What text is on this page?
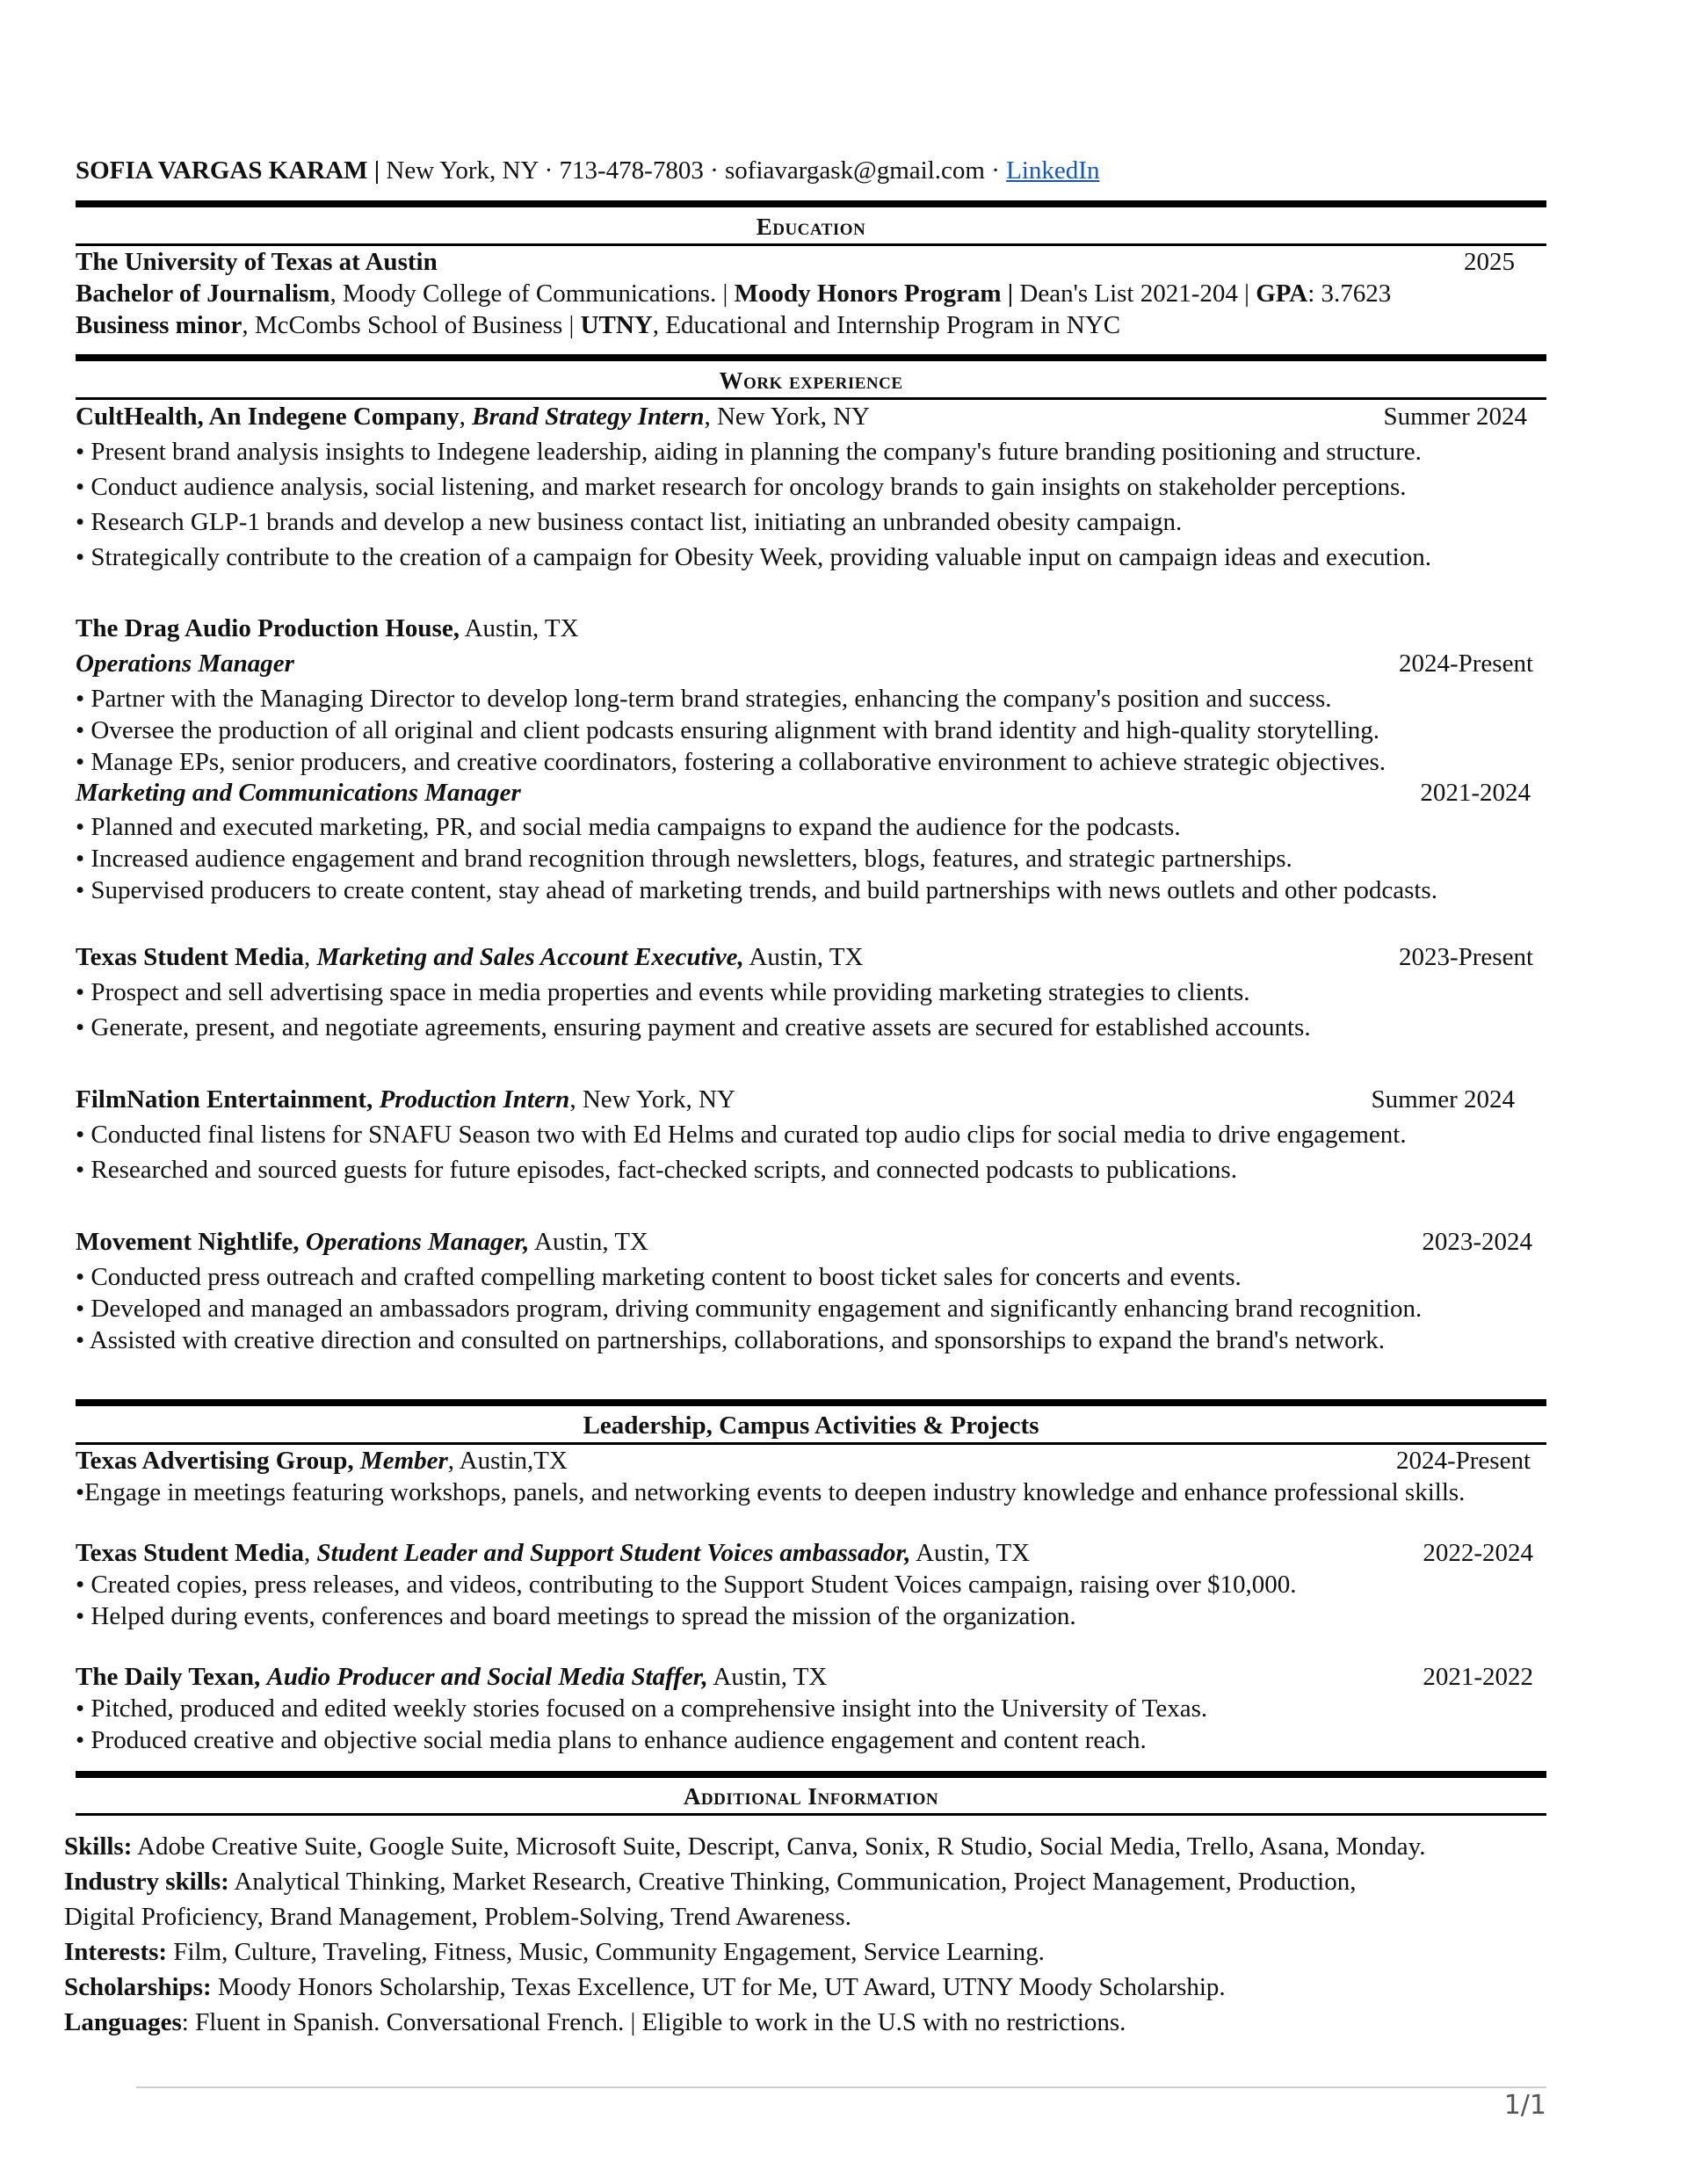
SOFIA VARGAS KARAM | New York, NY · 713-478-7803 · sofiavargask@gmail.com · LinkedIn
Education
The University of Texas at Austin	2025
Bachelor of Journalism, Moody College of Communications. | Moody Honors Program | Dean's List 2021-204 | GPA: 3.7623
Business minor, McCombs School of Business | UTNY, Educational and Internship Program in NYC
Work experience
CultHealth, An Indegene Company, Brand Strategy Intern, New York, NY	Summer 2024
• Present brand analysis insights to Indegene leadership, aiding in planning the company's future branding positioning and structure.
• Conduct audience analysis, social listening, and market research for oncology brands to gain insights on stakeholder perceptions.
• Research GLP-1 brands and develop a new business contact list, initiating an unbranded obesity campaign.
• Strategically contribute to the creation of a campaign for Obesity Week, providing valuable input on campaign ideas and execution.
The Drag Audio Production House, Austin, TX
Operations Manager	2024-Present
• Partner with the Managing Director to develop long-term brand strategies, enhancing the company's position and success.
• Oversee the production of all original and client podcasts ensuring alignment with brand identity and high-quality storytelling.
• Manage EPs, senior producers, and creative coordinators, fostering a collaborative environment to achieve strategic objectives.
Marketing and Communications Manager	2021-2024
• Planned and executed marketing, PR, and social media campaigns to expand the audience for the podcasts.
• Increased audience engagement and brand recognition through newsletters, blogs, features, and strategic partnerships.
• Supervised producers to create content, stay ahead of marketing trends, and build partnerships with news outlets and other podcasts.
Texas Student Media, Marketing and Sales Account Executive, Austin, TX	2023-Present
• Prospect and sell advertising space in media properties and events while providing marketing strategies to clients.
• Generate, present, and negotiate agreements, ensuring payment and creative assets are secured for established accounts.
FilmNation Entertainment, Production Intern, New York, NY	Summer 2024
• Conducted final listens for SNAFU Season two with Ed Helms and curated top audio clips for social media to drive engagement.
• Researched and sourced guests for future episodes, fact-checked scripts, and connected podcasts to publications.
Movement Nightlife, Operations Manager, Austin, TX	2023-2024
• Conducted press outreach and crafted compelling marketing content to boost ticket sales for concerts and events.
• Developed and managed an ambassadors program, driving community engagement and significantly enhancing brand recognition.
• Assisted with creative direction and consulted on partnerships, collaborations, and sponsorships to expand the brand's network.
Leadership, Campus Activities & Projects
Texas Advertising Group, Member, Austin,TX	2024-Present
•Engage in meetings featuring workshops, panels, and networking events to deepen industry knowledge and enhance professional skills.
Texas Student Media, Student Leader and Support Student Voices ambassador, Austin, TX	2022-2024
• Created copies, press releases, and videos, contributing to the Support Student Voices campaign, raising over $10,000.
• Helped during events, conferences and board meetings to spread the mission of the organization.
The Daily Texan, Audio Producer and Social Media Staffer, Austin, TX	2021-2022
• Pitched, produced and edited weekly stories focused on a comprehensive insight into the University of Texas.
• Produced creative and objective social media plans to enhance audience engagement and content reach.
Additional Information
Skills: Adobe Creative Suite, Google Suite, Microsoft Suite, Descript, Canva, Sonix, R Studio, Social Media, Trello, Asana, Monday.
Industry skills: Analytical Thinking, Market Research, Creative Thinking, Communication, Project Management, Production,
Digital Proficiency, Brand Management, Problem-Solving, Trend Awareness.
Interests: Film, Culture, Traveling, Fitness, Music, Community Engagement, Service Learning.
Scholarships: Moody Honors Scholarship, Texas Excellence, UT for Me, UT Award, UTNY Moody Scholarship.
Languages: Fluent in Spanish. Conversational French. | Eligible to work in the U.S with no restrictions.
1/1
